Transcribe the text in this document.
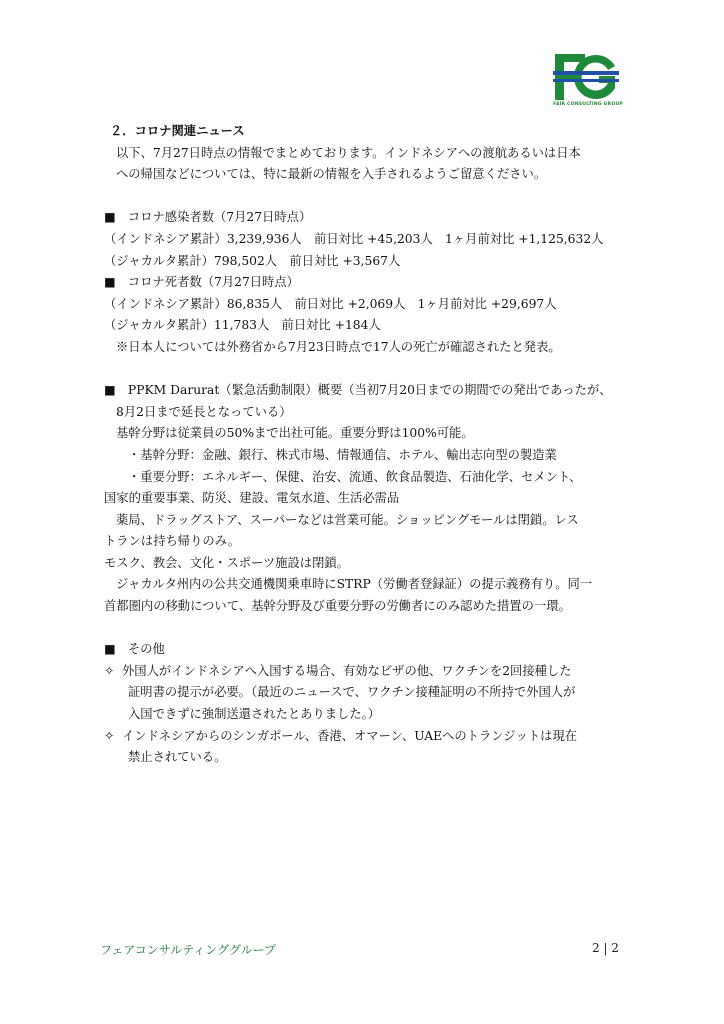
FAIR CONSULTING GROUP
２．コロナ関連ニュース
以下、7月27日時点の情報でまとめております。インドネシアへの渡航あるいは日本
への帰国などについては、特に最新の情報を入手されるようご留意ください。
■　コロナ感染者数（7月27日時点）
（インドネシア累計）3,239,936人　前日対比 +45,203人　1ヶ月前対比 +1,125,632人
（ジャカルタ累計）798,502人　前日対比 +3,567人
■　コロナ死者数（7月27日時点）
（インドネシア累計）86,835人　前日対比 +2,069人　1ヶ月前対比 +29,697人
（ジャカルタ累計）11,783人　前日対比 +184人
※日本人については外務省から7月23日時点で17人の死亡が確認されたと発表。
■　PPKM Darurat（緊急活動制限）概要（当初7月20日までの期間での発出であったが、
8月2日まで延長となっている）
基幹分野は従業員の50%まで出社可能。重要分野は100%可能。
・基幹分野：金融、銀行、株式市場、情報通信、ホテル、輸出志向型の製造業
・重要分野：エネルギー、保健、治安、流通、飲食品製造、石油化学、セメント、
国家的重要事業、防災、建設、電気水道、生活必需品
薬局、ドラッグストア、スーパーなどは営業可能。ショッピングモールは閉鎖。レス
トランは持ち帰りのみ。
モスク、教会、文化・スポーツ施設は閉鎖。
ジャカルタ州内の公共交通機関乗車時にSTRP（労働者登録証）の提示義務有り。同一
首都圏内の移動について、基幹分野及び重要分野の労働者にのみ認めた措置の一環。
■　その他
✧ 外国人がインドネシアへ入国する場合、有効なビザの他、ワクチンを2回接種した
証明書の提示が必要。（最近のニュースで、ワクチン接種証明の不所持で外国人が
入国できずに強制送還されたとありました。）
✧ インドネシアからのシンガポール、香港、オマーン、UAEへのトランジットは現在
禁止されている。
フェアコンサルティンググループ	2 | 2
